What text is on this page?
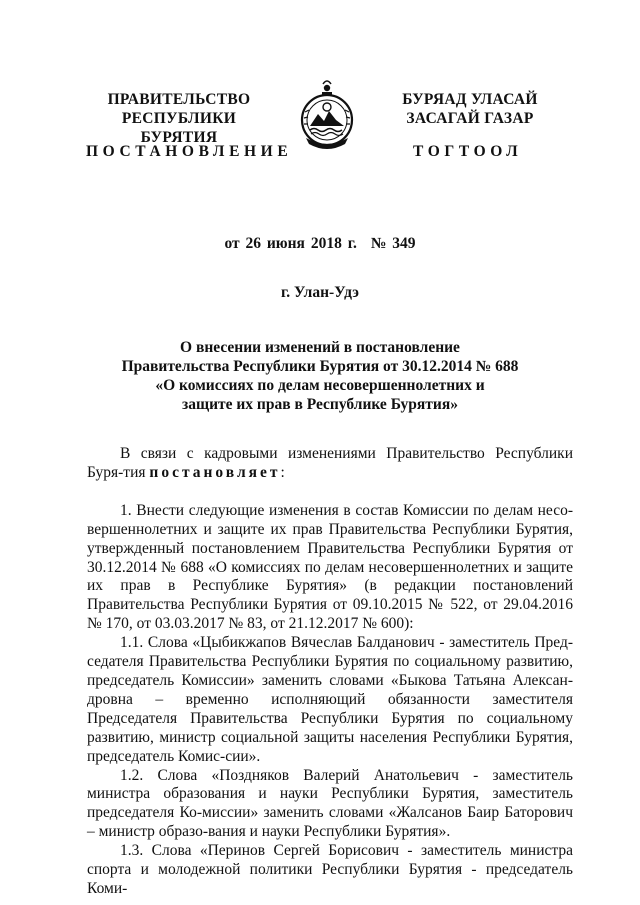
ПРАВИТЕЛЬСТВО
РЕСПУБЛИКИ БУРЯТИЯ
БУРЯАД УЛАСАЙ
ЗАСАГАЙ ГАЗАР
ПОСТАНОВЛЕНИЕ	ТОГТООЛ
от 26 июня 2018 г. № 349
г. Улан-Удэ
О внесении изменений в постановление
Правительства Республики Бурятия от 30.12.2014 № 688
«О комиссиях по делам несовершеннолетних и
защите их прав в Республике Бурятия»

В связи с кадровыми изменениями Правительство Республики Буря-тия постановляет:

1. Внести следующие изменения в состав Комиссии по делам несо-вершеннолетних и защите их прав Правительства Республики Бурятия, утвержденный постановлением Правительства Республики Бурятия от 30.12.2014 № 688 «О комиссиях по делам несовершеннолетних и защите их прав в Республике Бурятия» (в редакции постановлений Правительства Республики Бурятия от 09.10.2015 № 522, от 29.04.2016 № 170, от 03.03.2017 № 83, от 21.12.2017 № 600):

1.1. Слова «Цыбикжапов Вячеслав Балданович - заместитель Пред-седателя Правительства Республики Бурятия по социальному развитию, председатель Комиссии» заменить словами «Быкова Татьяна Алексан-дровна – временно исполняющий обязанности заместителя Председателя Правительства Республики Бурятия по социальному развитию, министр социальной защиты населения Республики Бурятия, председатель Комис-сии».

1.2. Слова «Поздняков Валерий Анатольевич - заместитель министра образования и науки Республики Бурятия, заместитель председателя Ко-миссии» заменить словами «Жалсанов Баир Баторович – министр образо-вания и науки Республики Бурятия».

1.3. Слова «Перинов Сергей Борисович - заместитель министра спорта и молодежной политики Республики Бурятия - председатель Коми-
